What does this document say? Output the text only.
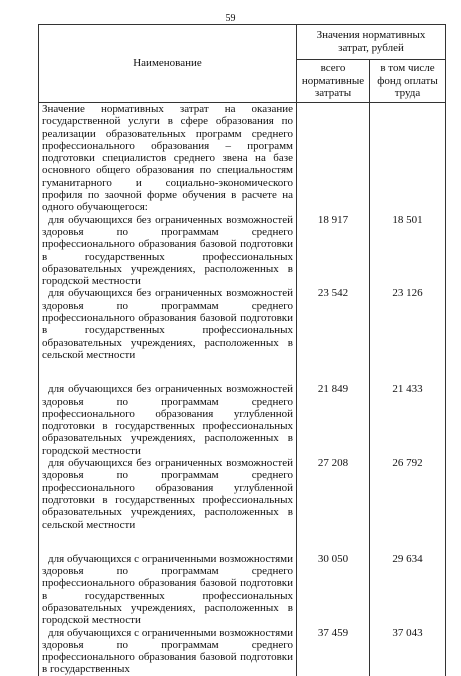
59
Наименование	Значения нормативных затрат, рублей	
	всего нормативные затраты	в том числе фонд оплаты труда
Значение нормативных затрат на оказание государственной услуги в сфере образования по реализации образовательных программ среднего профессионального образования – программ подготовки специалистов среднего звена на базе основного общего образования по специальностям гуманитарного и социально-экономического профиля по заочной форме обучения в расчете на одного обучающегося:		
для обучающихся без ограниченных возможностей здоровья по программам среднего профессионального образования базовой подготовки в государственных профессиональных образовательных учреждениях, расположенных в городской местности	18 917	18 501
для обучающихся без ограниченных возможностей здоровья по программам среднего профессионального образования базовой подготовки в государственных профессиональных образовательных учреждениях, расположенных в сельской местности	23 542	23 126

для обучающихся без ограниченных возможностей здоровья по программам среднего профессионального образования углубленной подготовки в государственных профессиональных образовательных учреждениях, расположенных в городской местности	21 849	21 433
для обучающихся без ограниченных возможностей здоровья по программам среднего профессионального образования углубленной подготовки в государственных профессиональных образовательных учреждениях, расположенных в сельской местности	27 208	26 792

для обучающихся с ограниченными возможностями здоровья по программам среднего профессионального образования базовой подготовки в государственных профессиональных образовательных учреждениях, расположенных в городской местности	30 050	29 634
для обучающихся с ограниченными возможностями здоровья по программам среднего профессионального образования базовой подготовки в государственных	37 459	37 043
